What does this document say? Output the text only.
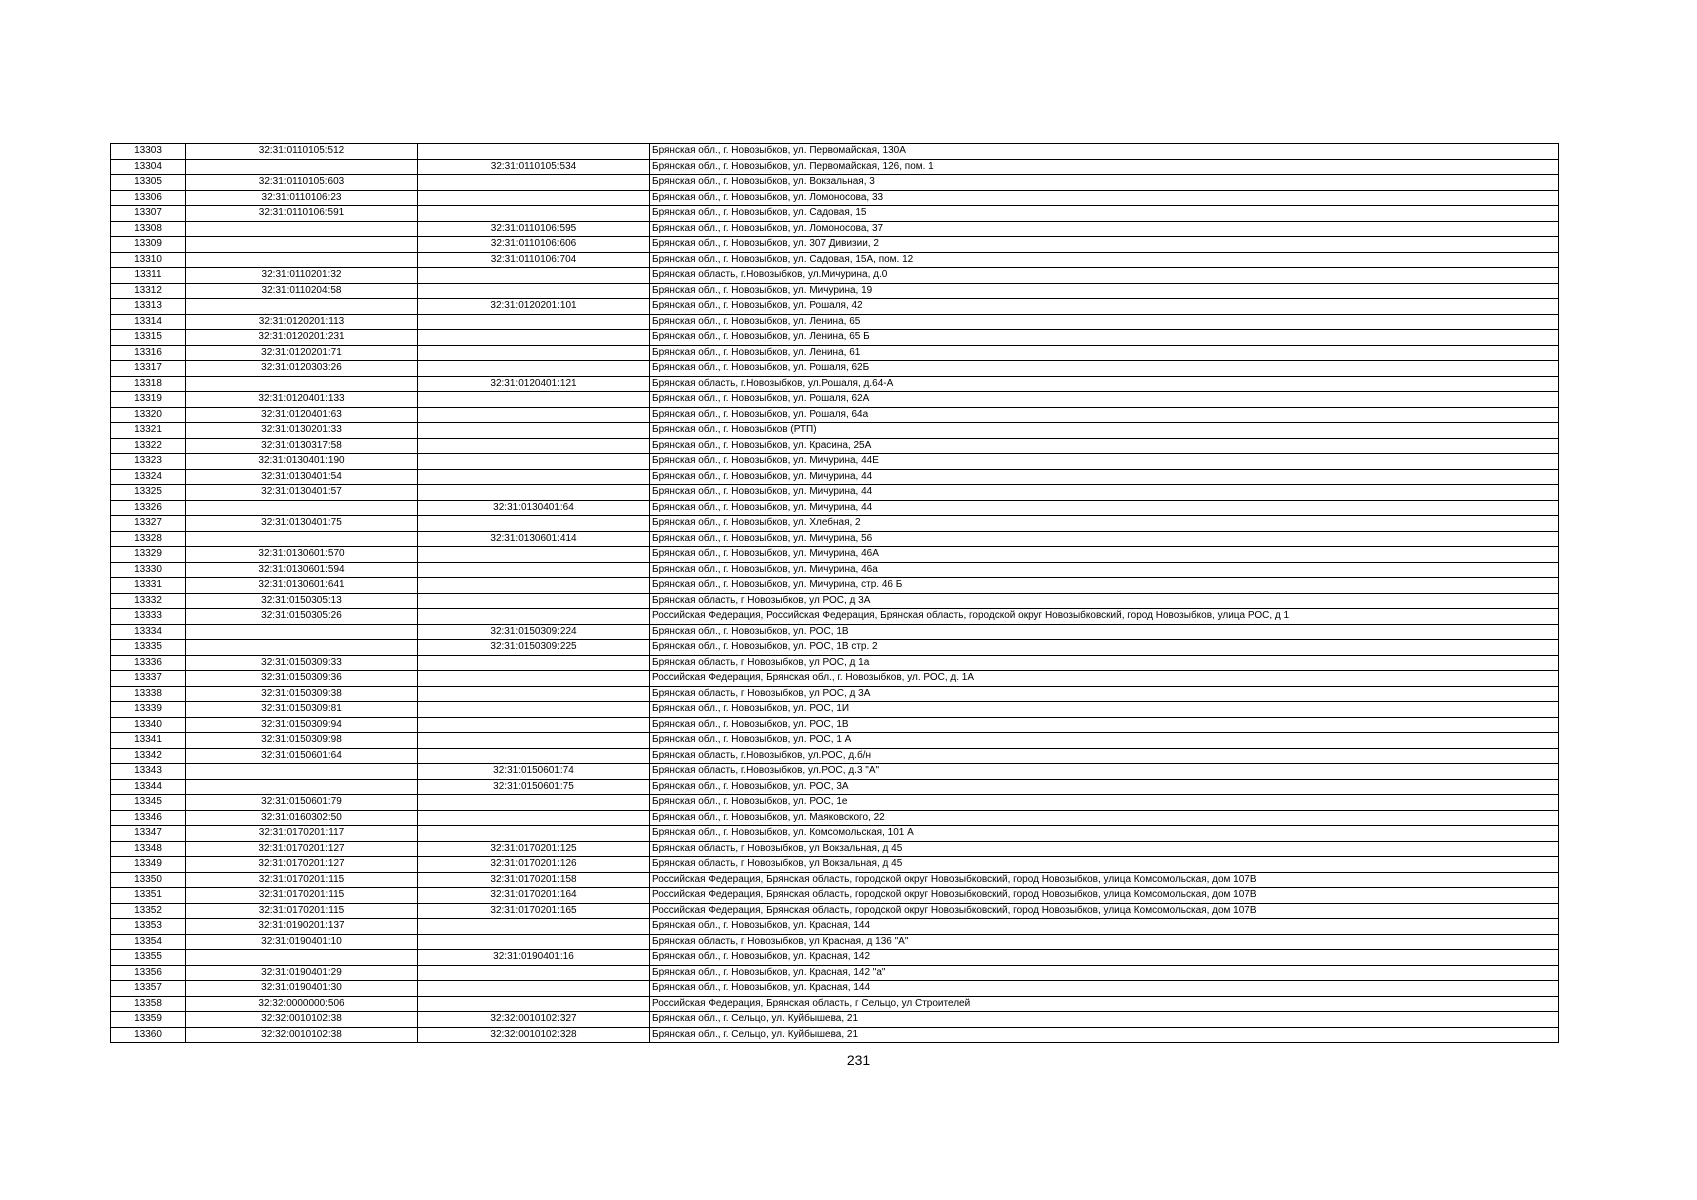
13303	32:31:0110105:512		Брянская обл., г. Новозыбков, ул. Первомайская, 130А
13304		32:31:0110105:534	Брянская обл., г. Новозыбков, ул. Первомайская, 126, пом. 1
13305	32:31:0110105:603		Брянская обл., г. Новозыбков, ул. Вокзальная, 3
13306	32:31:0110106:23		Брянская обл., г. Новозыбков, ул. Ломоносова, 33
13307	32:31:0110106:591		Брянская обл., г. Новозыбков, ул. Садовая, 15
13308		32:31:0110106:595	Брянская обл., г. Новозыбков, ул. Ломоносова, 37
13309		32:31:0110106:606	Брянская обл., г. Новозыбков, ул. 307 Дивизии, 2
13310		32:31:0110106:704	Брянская обл., г. Новозыбков, ул. Садовая, 15А, пом. 12
13311	32:31:0110201:32		Брянская область, г.Новозыбков, ул.Мичурина, д.0
13312	32:31:0110204:58		Брянская обл., г. Новозыбков, ул. Мичурина, 19
13313		32:31:0120201:101	Брянская обл., г. Новозыбков, ул. Рошаля, 42
13314	32:31:0120201:113		Брянская обл., г. Новозыбков, ул. Ленина, 65
13315	32:31:0120201:231		Брянская обл., г. Новозыбков, ул. Ленина, 65 Б
13316	32:31:0120201:71		Брянская обл., г. Новозыбков, ул. Ленина, 61
13317	32:31:0120303:26		Брянская обл., г. Новозыбков, ул. Рошаля, 62Б
13318		32:31:0120401:121	Брянская область, г.Новозыбков, ул.Рошаля, д.64-А
13319	32:31:0120401:133		Брянская обл., г. Новозыбков, ул. Рошаля, 62А
13320	32:31:0120401:63		Брянская обл., г. Новозыбков, ул. Рошаля, 64а
13321	32:31:0130201:33		Брянская обл., г. Новозыбков (РТП)
13322	32:31:0130317:58		Брянская обл., г. Новозыбков, ул. Красина, 25А
13323	32:31:0130401:190		Брянская обл., г. Новозыбков, ул. Мичурина, 44Е
13324	32:31:0130401:54		Брянская обл., г. Новозыбков, ул. Мичурина, 44
13325	32:31:0130401:57		Брянская обл., г. Новозыбков, ул. Мичурина, 44
13326		32:31:0130401:64	Брянская обл., г. Новозыбков, ул. Мичурина, 44
13327	32:31:0130401:75		Брянская обл., г. Новозыбков, ул. Хлебная, 2
13328		32:31:0130601:414	Брянская обл., г. Новозыбков, ул. Мичурина, 56
13329	32:31:0130601:570		Брянская обл., г. Новозыбков, ул. Мичурина, 46А
13330	32:31:0130601:594		Брянская обл., г. Новозыбков, ул. Мичурина, 46а
13331	32:31:0130601:641		Брянская обл., г. Новозыбков, ул. Мичурина, стр. 46 Б
13332	32:31:0150305:13		Брянская область, г Новозыбков, ул РОС, д 3А
13333	32:31:0150305:26		Российская Федерация, Российская Федерация, Брянская область, городской округ Новозыбковский, город Новозыбков, улица РОС, д 1
13334		32:31:0150309:224	Брянская обл., г. Новозыбков, ул. РОС, 1В
13335		32:31:0150309:225	Брянская обл., г. Новозыбков, ул. РОС, 1В стр. 2
13336	32:31:0150309:33		Брянская область, г Новозыбков, ул РОС, д 1а
13337	32:31:0150309:36		Российская Федерация, Брянская обл., г. Новозыбков, ул. РОС, д. 1А
13338	32:31:0150309:38		Брянская область, г Новозыбков, ул РОС, д 3А
13339	32:31:0150309:81		Брянская обл., г. Новозыбков, ул. РОС, 1И
13340	32:31:0150309:94		Брянская обл., г. Новозыбков, ул. РОС, 1В
13341	32:31:0150309:98		Брянская обл., г. Новозыбков, ул. РОС, 1 А
13342	32:31:0150601:64		Брянская область, г.Новозыбков, ул.РОС, д.б/н
13343		32:31:0150601:74	Брянская область, г.Новозыбков, ул.РОС, д.3 "А"
13344		32:31:0150601:75	Брянская обл., г. Новозыбков, ул. РОС, 3А
13345	32:31:0150601:79		Брянская обл., г. Новозыбков, ул. РОС, 1е
13346	32:31:0160302:50		Брянская обл., г. Новозыбков, ул. Маяковского, 22
13347	32:31:0170201:117		Брянская обл., г. Новозыбков, ул. Комсомольская, 101 А
13348	32:31:0170201:127	32:31:0170201:125	Брянская область, г Новозыбков, ул Вокзальная, д 45
13349	32:31:0170201:127	32:31:0170201:126	Брянская область, г Новозыбков, ул Вокзальная, д 45
13350	32:31:0170201:115	32:31:0170201:158	Российская Федерация, Брянская область, городской округ Новозыбковский, город Новозыбков, улица Комсомольская, дом 107В
13351	32:31:0170201:115	32:31:0170201:164	Российская Федерация, Брянская область, городской округ Новозыбковский, город Новозыбков, улица Комсомольская, дом 107В
13352	32:31:0170201:115	32:31:0170201:165	Российская Федерация, Брянская область, городской округ Новозыбковский, город Новозыбков, улица Комсомольская, дом 107В
13353	32:31:0190201:137		Брянская обл., г. Новозыбков, ул. Красная, 144
13354	32:31:0190401:10		Брянская область, г Новозыбков, ул Красная, д 136 "А"
13355		32:31:0190401:16	Брянская обл., г. Новозыбков, ул. Красная, 142
13356	32:31:0190401:29		Брянская обл., г. Новозыбков, ул. Красная, 142 "а"
13357	32:31:0190401:30		Брянская обл., г. Новозыбков, ул. Красная, 144
13358	32:32:0000000:506		Российская Федерация, Брянская область, г Сельцо, ул Строителей
13359	32:32:0010102:38	32:32:0010102:327	Брянская обл., г. Сельцо, ул. Куйбышева, 21
13360	32:32:0010102:38	32:32:0010102:328	Брянская обл., г. Сельцо, ул. Куйбышева, 21
231
